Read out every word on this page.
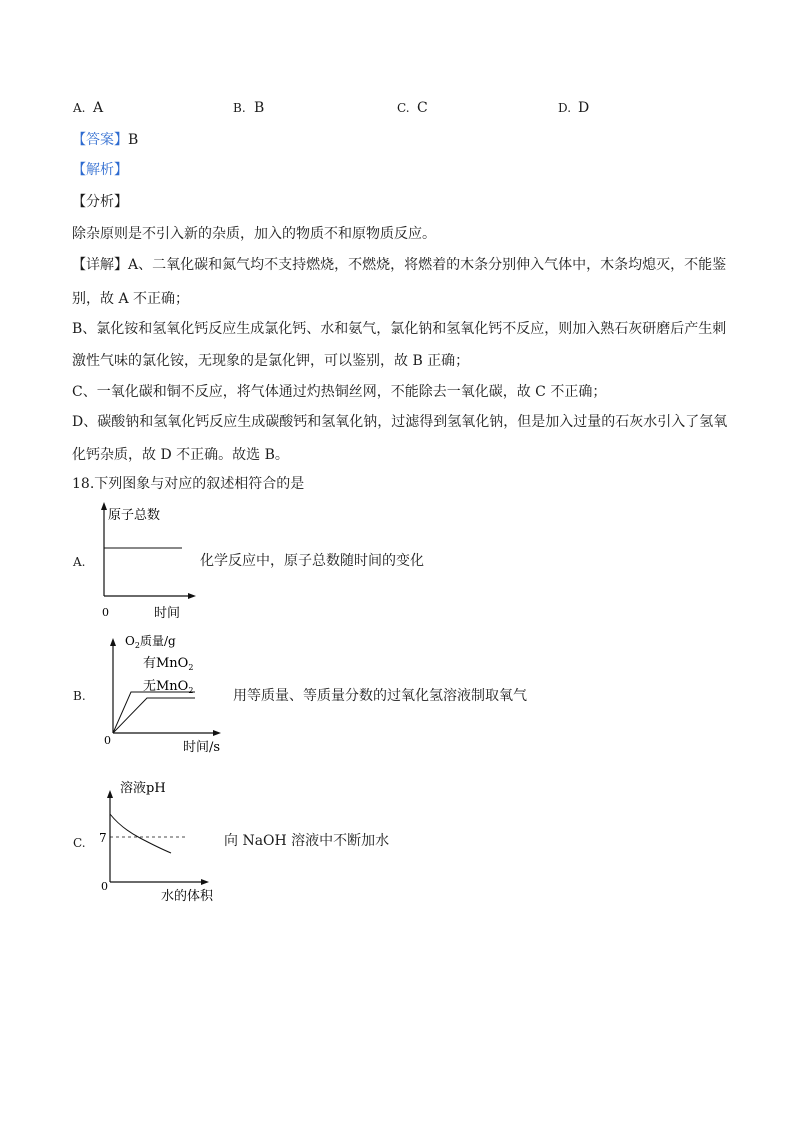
A. A	B. B	C. C	D. D
【答案】B
【解析】
【分析】
除杂原则是不引入新的杂质，加入的物质不和原物质反应。
【详解】A、二氧化碳和氮气均不支持燃烧，不燃烧，将燃着的木条分别伸入气体中，木条均熄灭，不能鉴
别，故 A 不正确；
B、氯化铵和氢氧化钙反应生成氯化钙、水和氨气，氯化钠和氢氧化钙不反应，则加入熟石灰研磨后产生刺
激性气味的氯化铵，无现象的是氯化钾，可以鉴别，故 B 正确；
C、一氧化碳和铜不反应，将气体通过灼热铜丝网，不能除去一氧化碳，故 C 不正确；
D、碳酸钠和氢氧化钙反应生成碳酸钙和氢氧化钠，过滤得到氢氧化钠，但是加入过量的石灰水引入了氢氧
化钙杂质，故 D 不正确。故选 B。
18.下列图象与对应的叙述相符合的是
A.
原子总数
0	时间
化学反应中，原子总数随时间的变化
B.
$O_2$质量/g
有MnO$_2$
无MnO$_2$
0	时间/s
用等质量、等质量分数的过氧化氢溶液制取氧气
C.
溶液pH
7
0
水的体积
向 NaOH 溶液中不断加水
